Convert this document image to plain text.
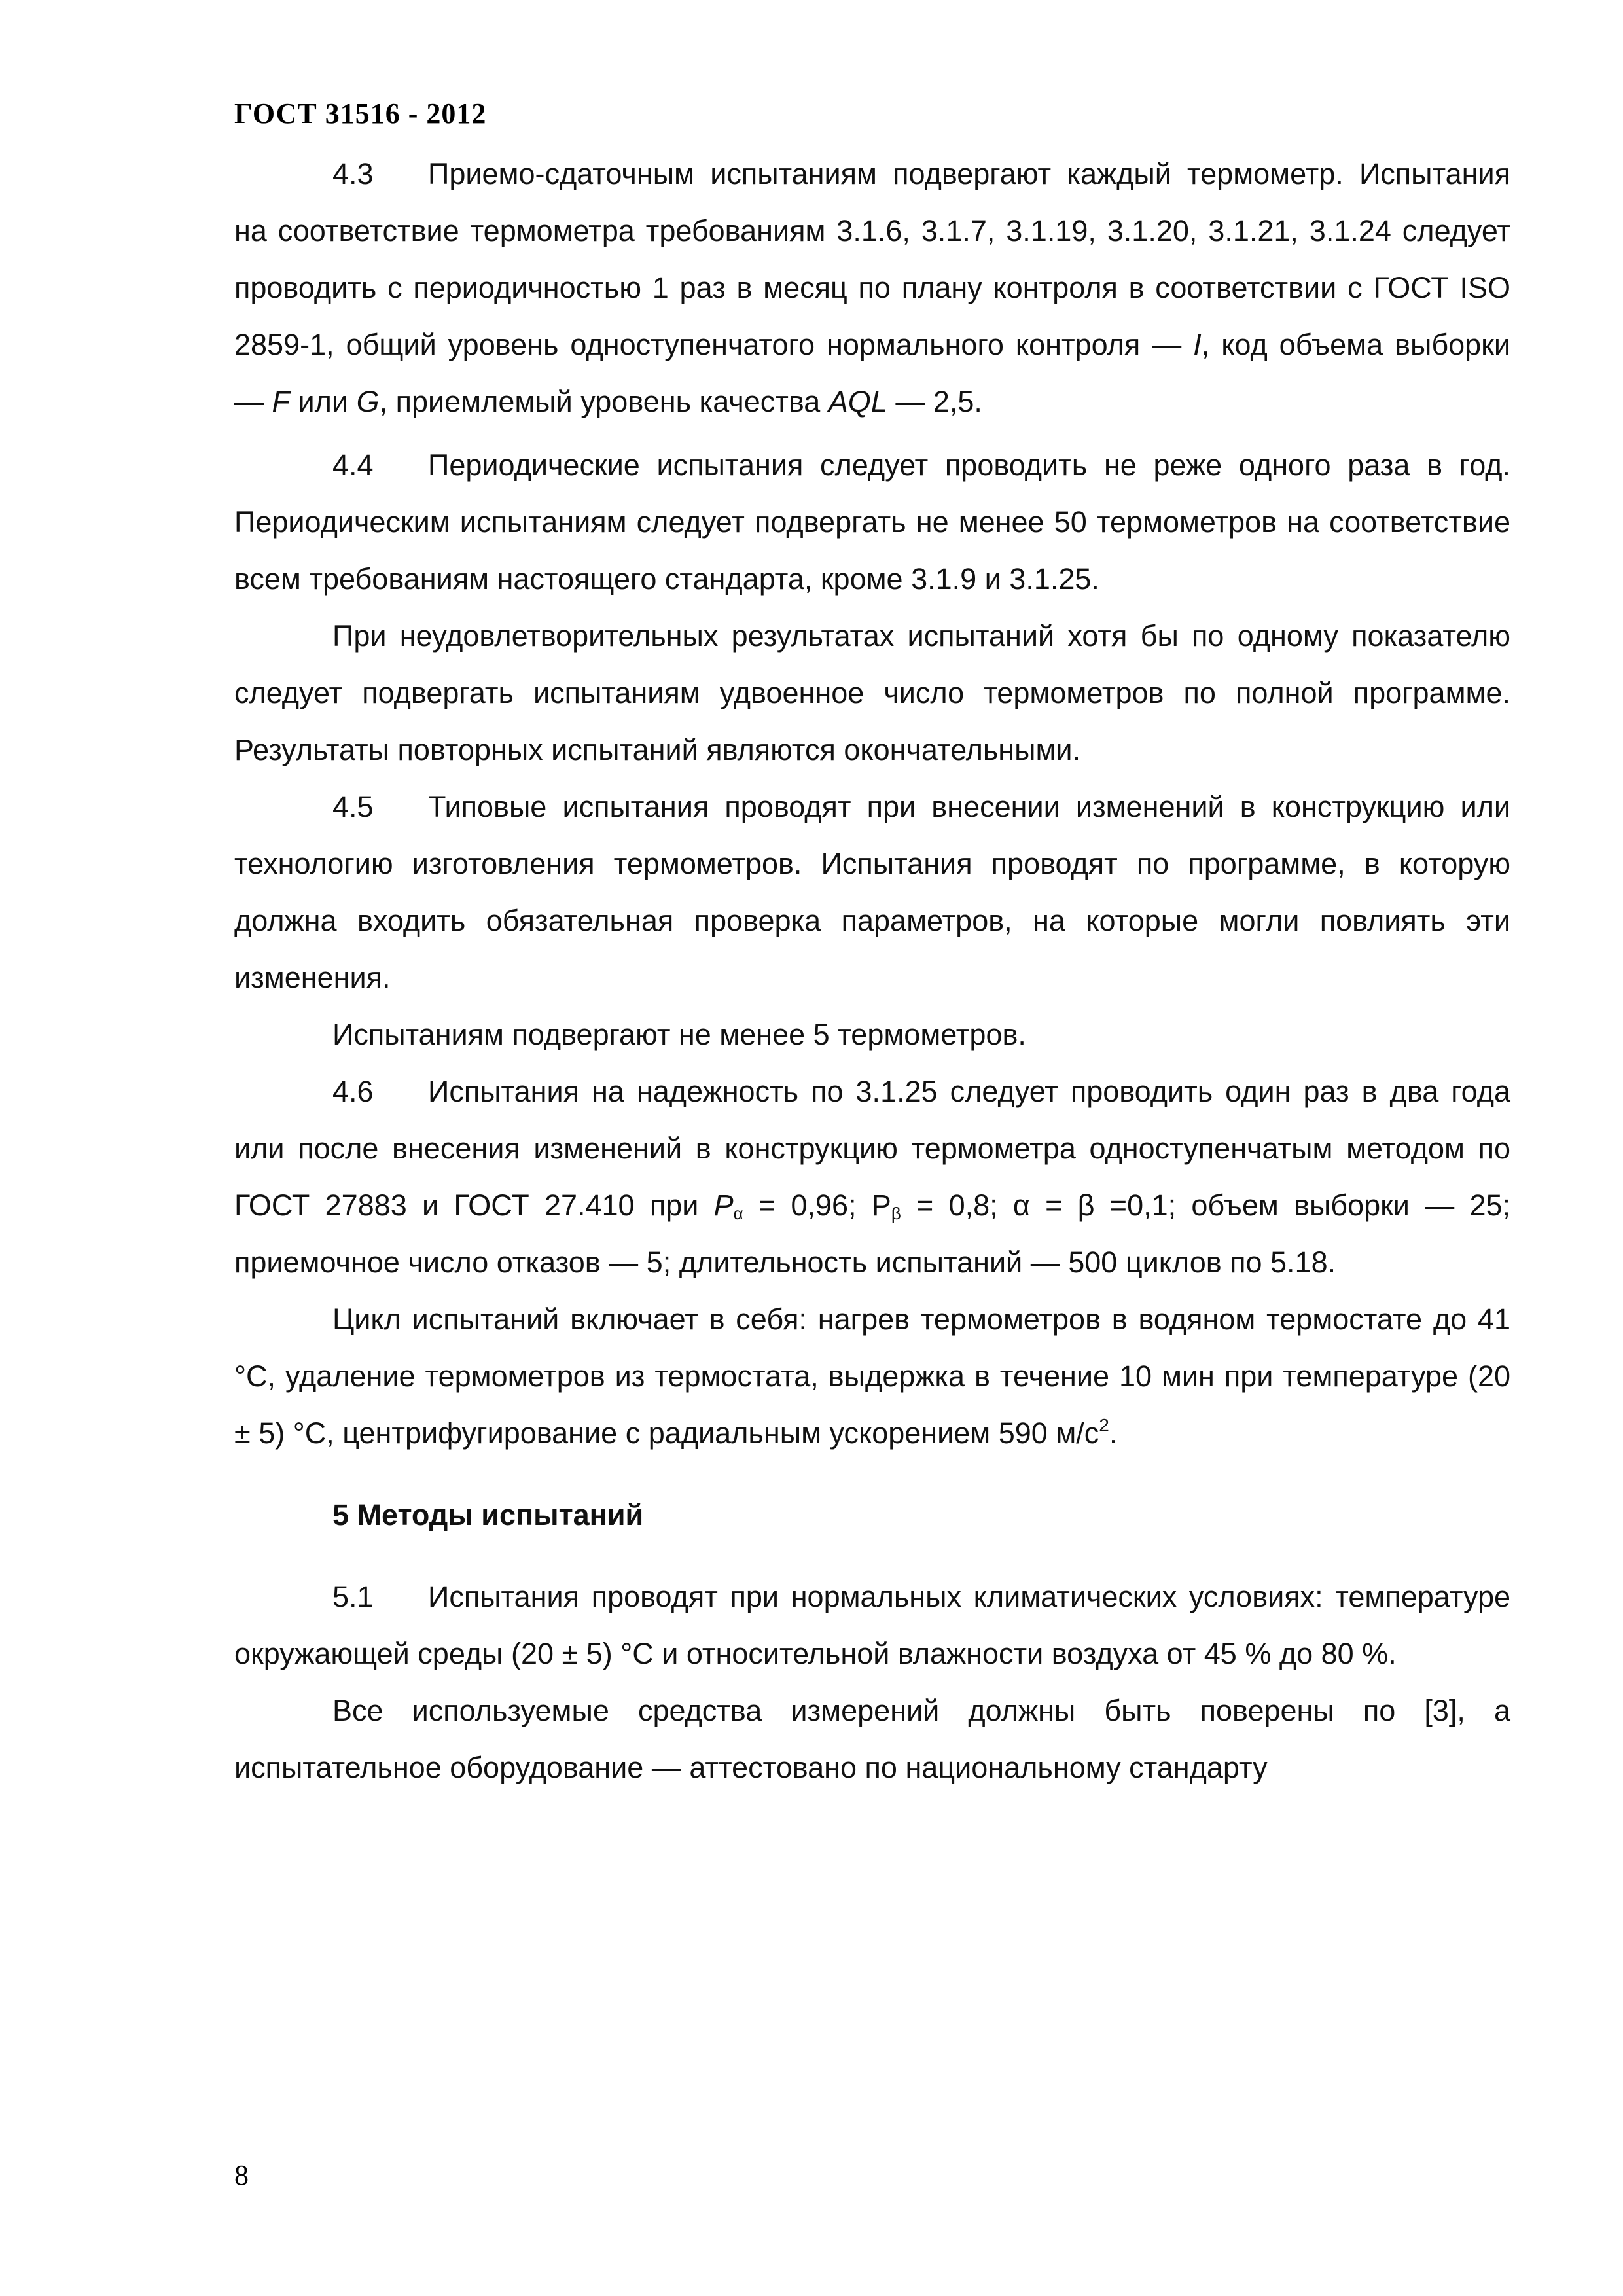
ГОСТ 31516 - 2012

4.3 Приемо-сдаточным испытаниям подвергают каждый термометр. Испытания на соответствие термометра требованиям 3.1.6, 3.1.7, 3.1.19, 3.1.20, 3.1.21, 3.1.24 следует проводить с периодичностью 1 раз в месяц по плану контроля в соответствии с ГОСТ ISO 2859-1, общий уровень одноступенчатого нормального контроля — I, код объема выборки — F или G, приемлемый уровень качества AQL — 2,5.

4.4 Периодические испытания следует проводить не реже одного раза в год. Периодическим испытаниям следует подвергать не менее 50 термометров на соответствие всем требованиям настоящего стандарта, кроме 3.1.9 и 3.1.25.

При неудовлетворительных результатах испытаний хотя бы по одному показателю следует подвергать испытаниям удвоенное число термометров по полной программе. Результаты повторных испытаний являются окончательными.

4.5 Типовые испытания проводят при внесении изменений в конструкцию или технологию изготовления термометров. Испытания проводят по программе, в которую должна входить обязательная проверка параметров, на которые могли повлиять эти изменения.

Испытаниям подвергают не менее 5 термометров.

4.6 Испытания на надежность по 3.1.25 следует проводить один раз в два года или после внесения изменений в конструкцию термометра одноступенчатым методом по ГОСТ 27883 и ГОСТ 27.410 при $P_\alpha = 0,96$; $P_\beta = 0,8$; α = β =0,1; объем выборки — 25; приемочное число отказов — 5; длительность испытаний — 500 циклов по 5.18.

Цикл испытаний включает в себя: нагрев термометров в водяном термостате до 41 °C, удаление термометров из термостата, выдержка в течение 10 мин при температуре (20 ± 5) °C, центрифугирование с радиальным ускорением 590 $м/с^2$.

5 Методы испытаний

5.1 Испытания проводят при нормальных климатических условиях: температуре окружающей среды (20 ± 5) °C и относительной влажности воздуха от 45 % до 80 %.

Все используемые средства измерений должны быть поверены по [3], а испытательное оборудование — аттестовано по национальному стандарту

8
